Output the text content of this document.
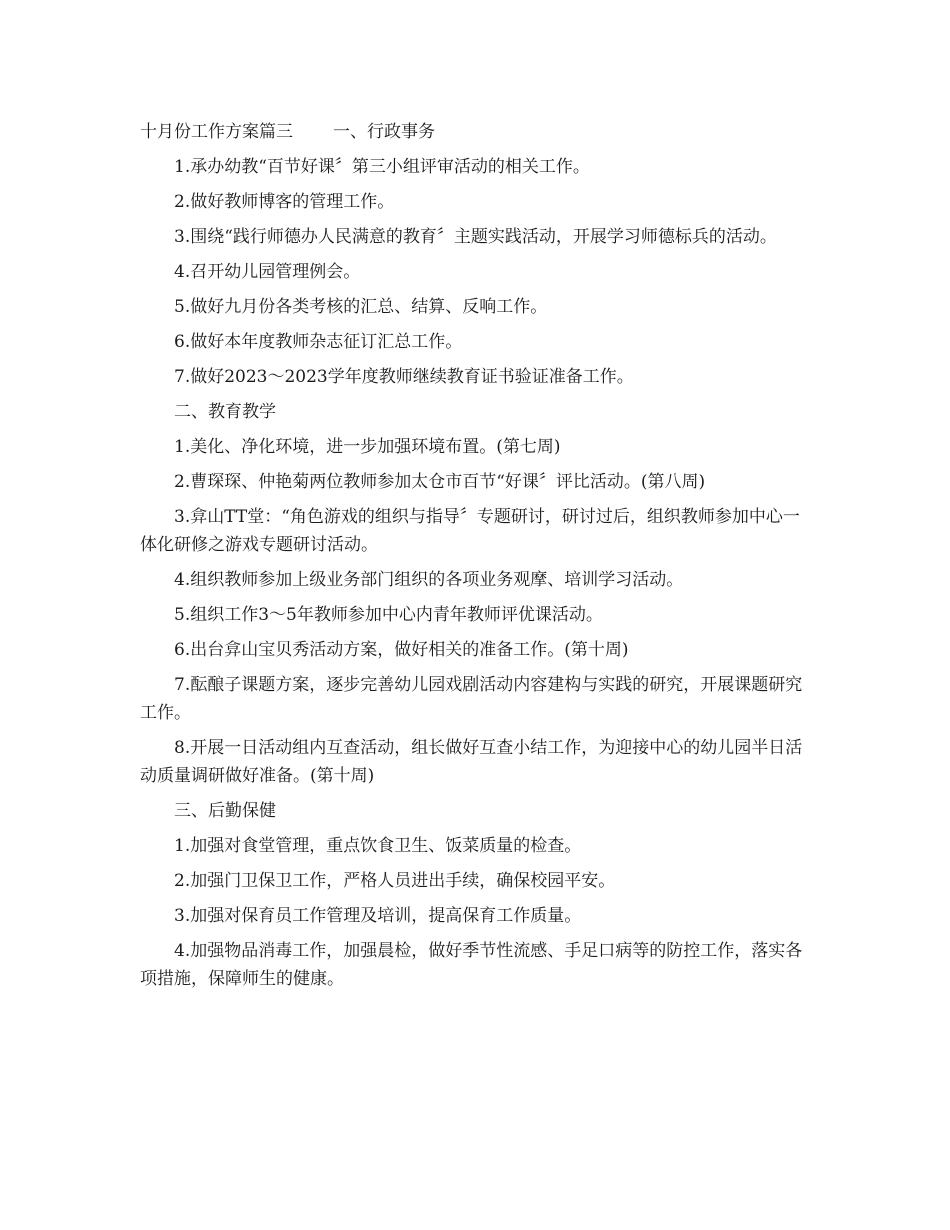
十月份工作方案篇三 一、行政事务
1.承办幼教“百节好课〞第三小组评审活动的相关工作。
2.做好教师博客的管理工作。
3.围绕“践行师德办人民满意的教育〞主题实践活动，开展学习师德标兵的活动。
4.召开幼儿园管理例会。
5.做好九月份各类考核的汇总、结算、反响工作。
6.做好本年度教师杂志征订汇总工作。
7.做好2023～2023学年度教师继续教育证书验证准备工作。
二、教育教学
1.美化、净化环境，进一步加强环境布置。(第七周)
2.曹琛琛、仲艳菊两位教师参加太仓市百节“好课〞评比活动。(第八周)
3.弇山TT堂：“角色游戏的组织与指导〞专题研讨，研讨过后，组织教师参加中心一体化研修之游戏专题研讨活动。
4.组织教师参加上级业务部门组织的各项业务观摩、培训学习活动。
5.组织工作3～5年教师参加中心内青年教师评优课活动。
6.出台弇山宝贝秀活动方案，做好相关的准备工作。(第十周)
7.酝酿子课题方案，逐步完善幼儿园戏剧活动内容建构与实践的研究，开展课题研究工作。
8.开展一日活动组内互查活动，组长做好互查小结工作，为迎接中心的幼儿园半日活动质量调研做好准备。(第十周)
三、后勤保健
1.加强对食堂管理，重点饮食卫生、饭菜质量的检查。
2.加强门卫保卫工作，严格人员进出手续，确保校园平安。
3.加强对保育员工作管理及培训，提高保育工作质量。
4.加强物品消毒工作，加强晨检，做好季节性流感、手足口病等的防控工作，落实各项措施，保障师生的健康。
